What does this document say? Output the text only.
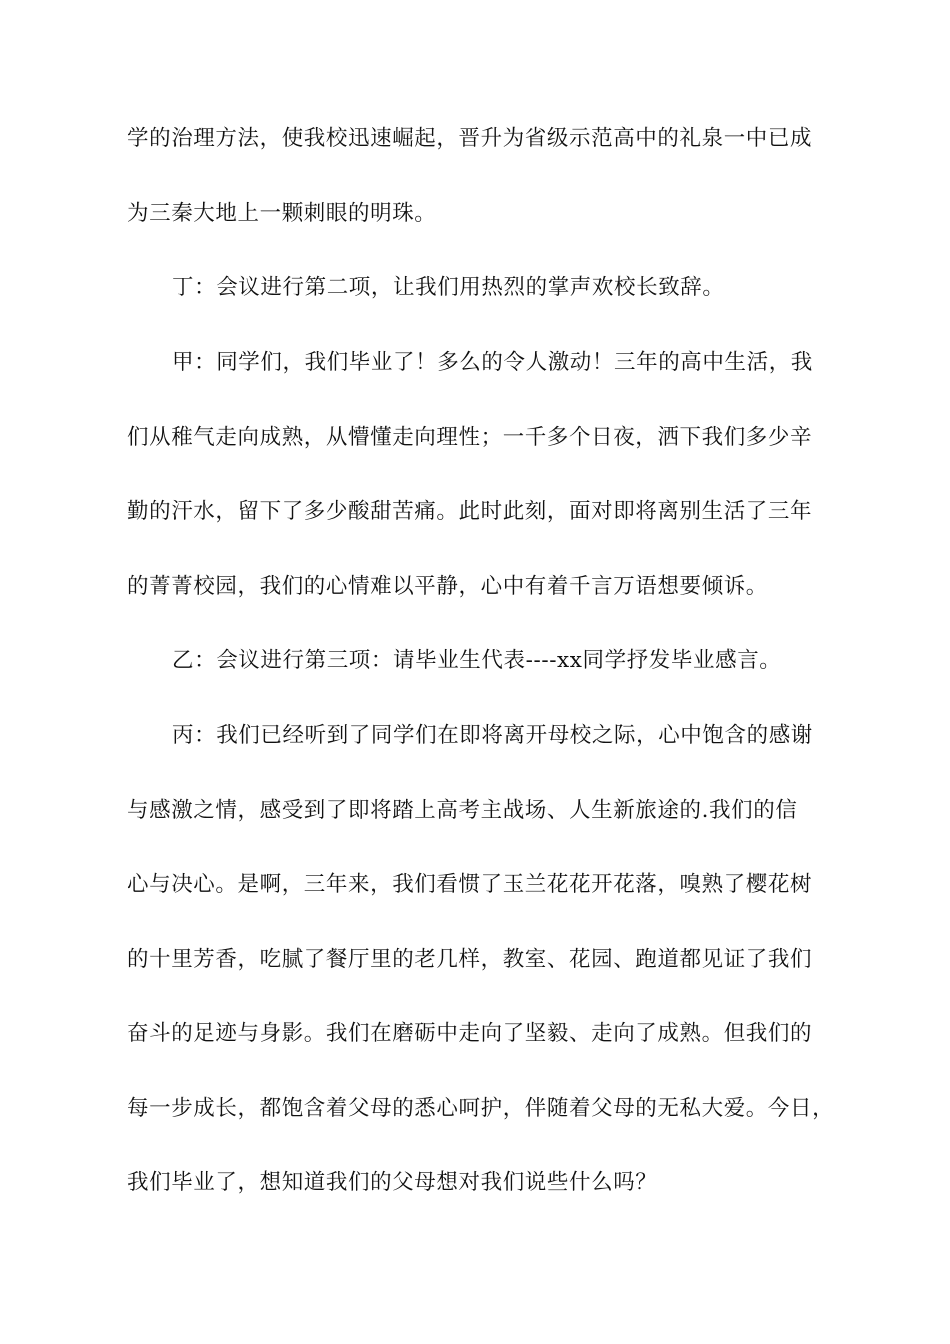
学的治理方法，使我校迅速崛起，晋升为省级示范高中的礼泉一中已成
为三秦大地上一颗刺眼的明珠。
丁：会议进行第二项，让我们用热烈的掌声欢校长致辞。
甲：同学们，我们毕业了！多么的令人激动！三年的高中生活，我
们从稚气走向成熟，从懵懂走向理性；一千多个日夜，洒下我们多少辛
勤的汗水，留下了多少酸甜苦痛。此时此刻，面对即将离别生活了三年
的菁菁校园，我们的心情难以平静，心中有着千言万语想要倾诉。
乙：会议进行第三项：请毕业生代表----xx同学抒发毕业感言。
丙：我们已经听到了同学们在即将离开母校之际，心中饱含的感谢
与感激之情，感受到了即将踏上高考主战场、人生新旅途的.我们的信
心与决心。是啊，三年来，我们看惯了玉兰花花开花落，嗅熟了樱花树
的十里芳香，吃腻了餐厅里的老几样，教室、花园、跑道都见证了我们
奋斗的足迹与身影。我们在磨砺中走向了坚毅、走向了成熟。但我们的
每一步成长，都饱含着父母的悉心呵护，伴随着父母的无私大爱。今日，
我们毕业了，想知道我们的父母想对我们说些什么吗？
